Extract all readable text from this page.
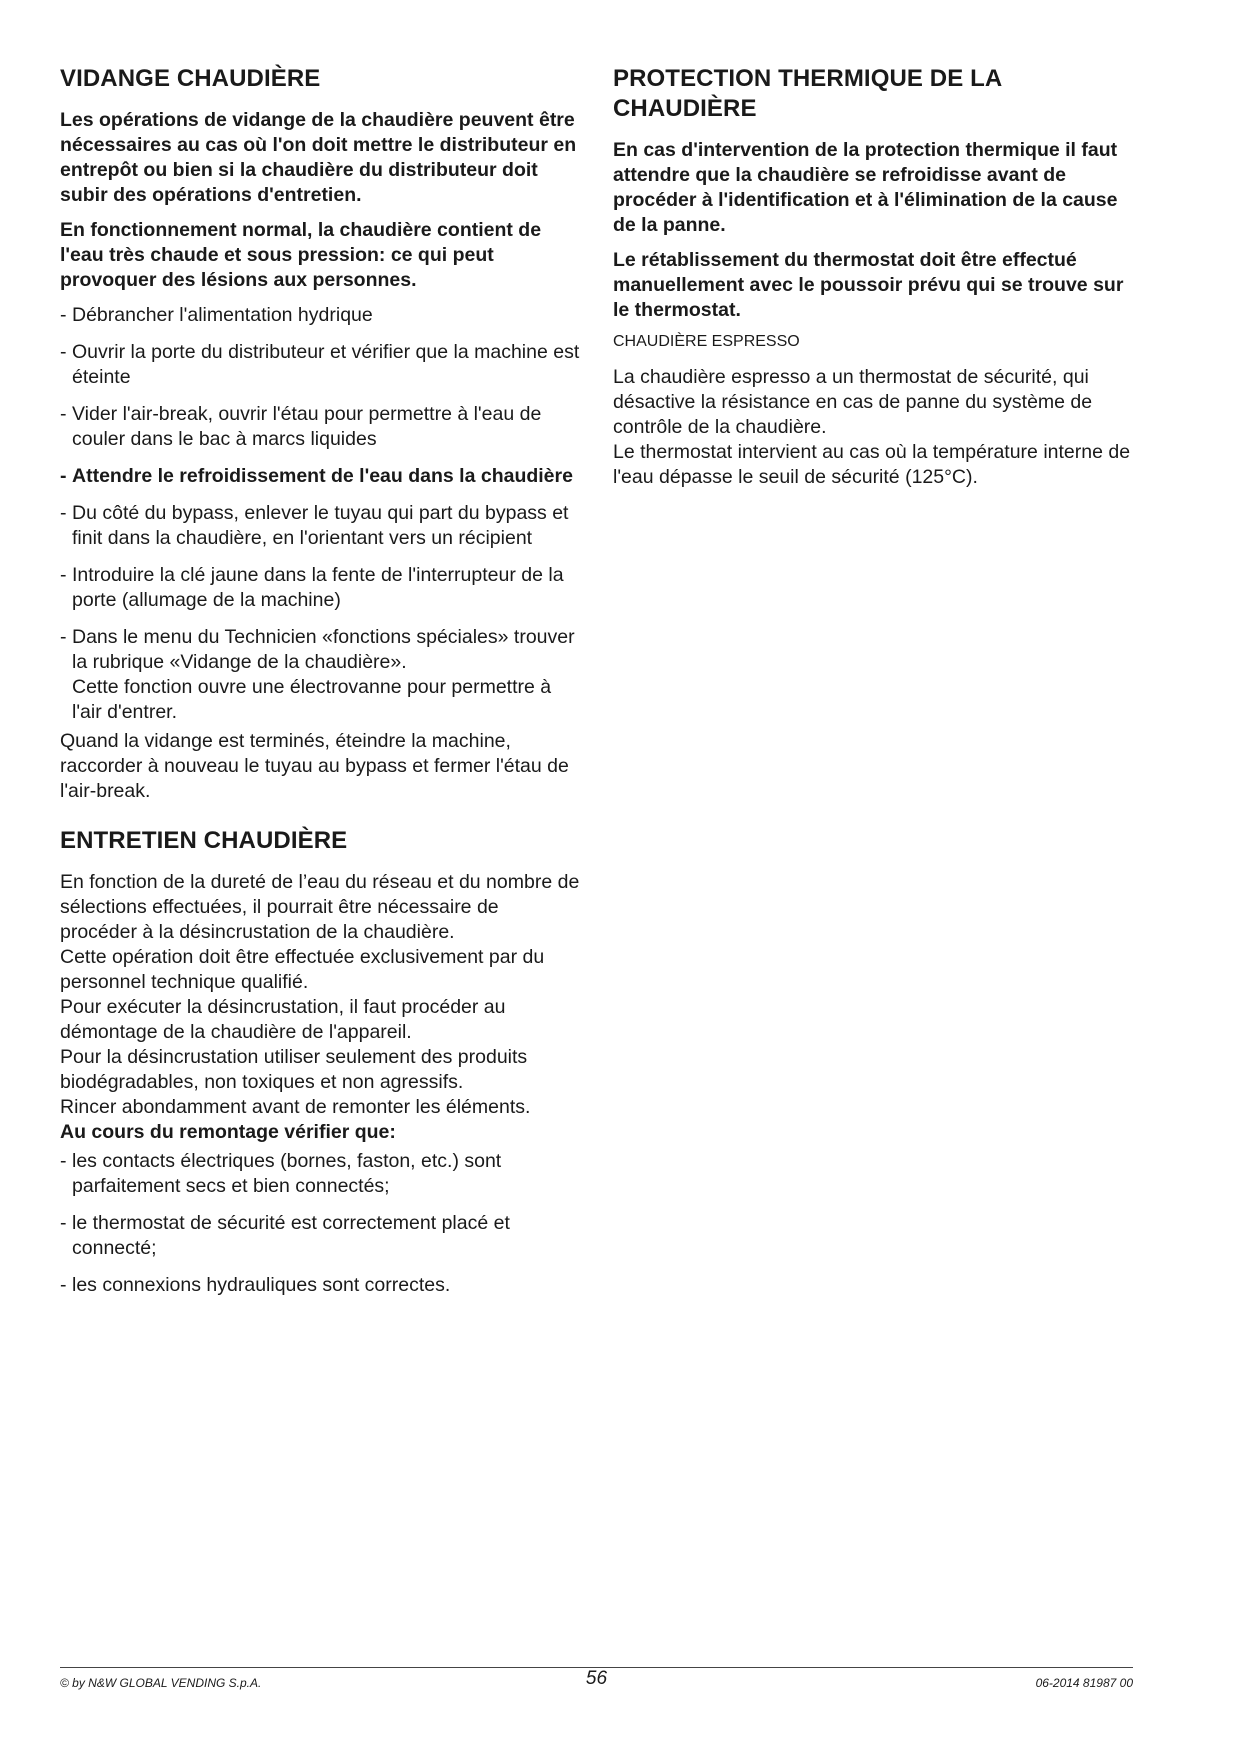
VIDANGE CHAUDIÈRE

Les opérations de vidange de la chaudière peuvent être nécessaires au cas où l'on doit mettre le distributeur en entrepôt ou bien si la chaudière du distributeur doit subir des opérations d'entretien.

En fonctionnement normal, la chaudière contient de l'eau très chaude et sous pression: ce qui peut provoquer des lésions aux personnes.

- Débrancher l'alimentation hydrique
- Ouvrir la porte du distributeur et vérifier que la machine est éteinte
- Vider l'air-break, ouvrir l'étau pour permettre à l'eau de couler dans le bac à marcs liquides
- Attendre le refroidissement de l'eau dans la chaudière
- Du côté du bypass, enlever le tuyau qui part du bypass et finit dans la chaudière, en l'orientant vers un récipient
- Introduire la clé jaune dans la fente de l'interrupteur de la porte (allumage de la machine)
- Dans le menu du Technicien «fonctions spéciales» trouver la rubrique «Vidange de la chaudière».
Cette fonction ouvre une électrovanne pour permettre à l'air d'entrer.

Quand la vidange est terminés, éteindre la machine, raccorder à nouveau le tuyau au bypass et fermer l'étau de l'air-break.

ENTRETIEN CHAUDIÈRE

En fonction de la dureté de l’eau du réseau et du nombre de sélections effectuées, il pourrait être nécessaire de procéder à la désincrustation de la chaudière.

Cette opération doit être effectuée exclusivement par du personnel technique qualifié.

Pour exécuter la désincrustation, il faut procéder au démontage de la chaudière de l'appareil.

Pour la désincrustation utiliser seulement des produits biodégradables, non toxiques et non agressifs.

Rincer abondamment avant de remonter les éléments.

Au cours du remontage vérifier que:

- les contacts électriques (bornes, faston, etc.) sont parfaitement secs et bien connectés;
- le thermostat de sécurité est correctement placé et connecté;
- les connexions hydrauliques sont correctes.
PROTECTION THERMIQUE DE LA CHAUDIÈRE

En cas d'intervention de la protection thermique il faut attendre que la chaudière se refroidisse avant de procéder à l'identification et à l'élimination de la cause de la panne.

Le rétablissement du thermostat doit être effectué manuellement avec le poussoir prévu qui se trouve sur le thermostat.

CHAUDIÈRE ESPRESSO

La chaudière espresso a un thermostat de sécurité, qui désactive la résistance en cas de panne du système de contrôle de la chaudière.

Le thermostat intervient au cas où la température interne de l'eau dépasse le seuil de sécurité (125°C).

© by N&W GLOBAL VENDING S.p.A.	56	06-2014 81987 00
